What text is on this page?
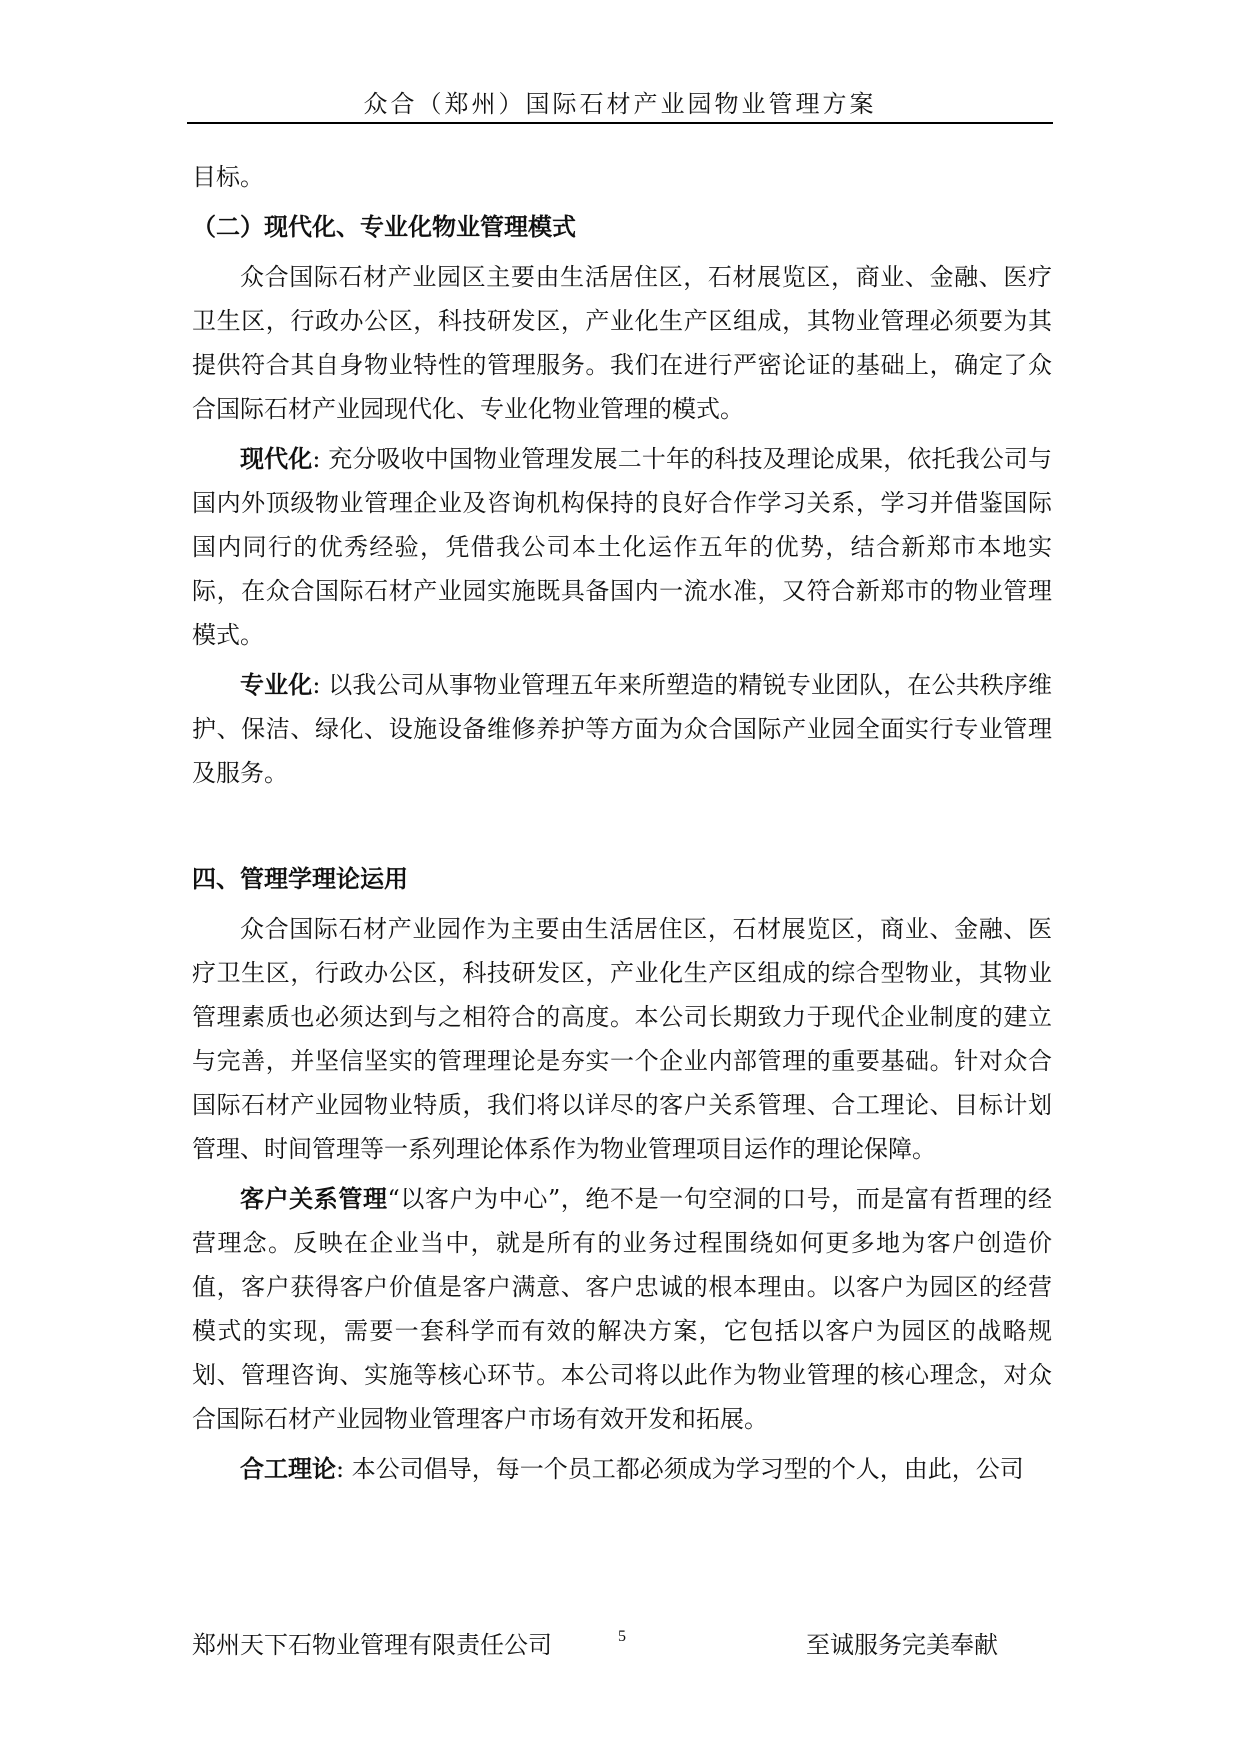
众合（郑州）国际石材产业园物业管理方案

目标。

（二）现代化、专业化物业管理模式

众合国际石材产业园区主要由生活居住区，石材展览区，商业、金融、医疗卫生区，行政办公区，科技研发区，产业化生产区组成，其物业管理必须要为其提供符合其自身物业特性的管理服务。我们在进行严密论证的基础上，确定了众合国际石材产业园现代化、专业化物业管理的模式。

现代化: 充分吸收中国物业管理发展二十年的科技及理论成果，依托我公司与国内外顶级物业管理企业及咨询机构保持的良好合作学习关系，学习并借鉴国际国内同行的优秀经验，凭借我公司本土化运作五年的优势，结合新郑市本地实际，在众合国际石材产业园实施既具备国内一流水准，又符合新郑市的物业管理模式。

专业化: 以我公司从事物业管理五年来所塑造的精锐专业团队，在公共秩序维护、保洁、绿化、设施设备维修养护等方面为众合国际产业园全面实行专业管理及服务。

四、管理学理论运用

众合国际石材产业园作为主要由生活居住区，石材展览区，商业、金融、医疗卫生区，行政办公区，科技研发区，产业化生产区组成的综合型物业，其物业管理素质也必须达到与之相符合的高度。本公司长期致力于现代企业制度的建立与完善，并坚信坚实的管理理论是夯实一个企业内部管理的重要基础。针对众合国际石材产业园物业特质，我们将以详尽的客户关系管理、合工理论、目标计划管理、时间管理等一系列理论体系作为物业管理项目运作的理论保障。

客户关系管理“以客户为中心”，绝不是一句空洞的口号，而是富有哲理的经营理念。反映在企业当中，就是所有的业务过程围绕如何更多地为客户创造价值，客户获得客户价值是客户满意、客户忠诚的根本理由。以客户为园区的经营模式的实现，需要一套科学而有效的解决方案，它包括以客户为园区的战略规划、管理咨询、实施等核心环节。本公司将以此作为物业管理的核心理念，对众合国际石材产业园物业管理客户市场有效开发和拓展。

合工理论: 本公司倡导，每一个员工都必须成为学习型的个人，由此，公司

郑州天下石物业管理有限责任公司	5	至诚服务完美奉献
